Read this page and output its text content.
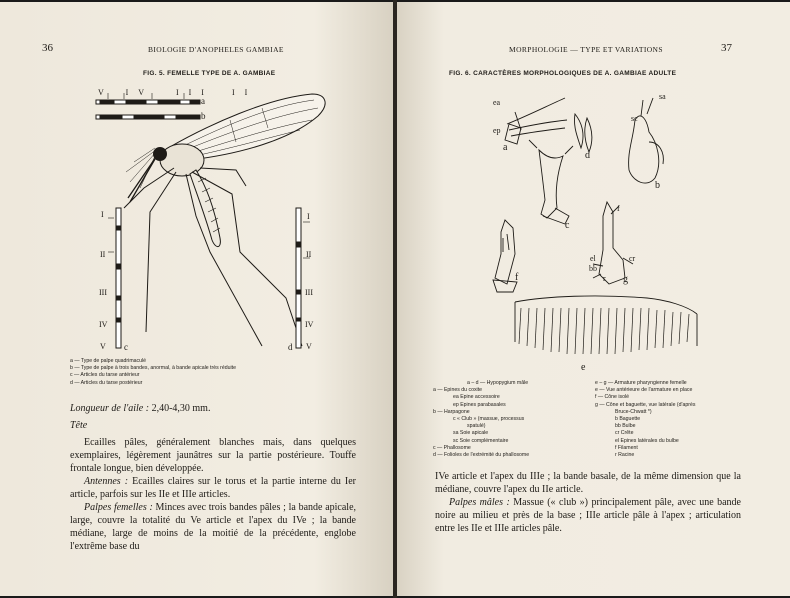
36	BIOLOGIE D'ANOPHELES GAMBIAE
FIG. 5. FEMELLE TYPE DE A. GAMBIAE
V IV	III II
a
b
c	d
I
II
III
IV
V
I
II
III
IV
V
a — Type de palpe quadrimaculé
b — Type de palpe à trois bandes, anormal, à bande apicale très réduite
c — Articles du tarse antérieur
d — Articles du tarse postérieur

Longueur de l'aile : 2,40-4,30 mm.

Tête

Ecailles pâles, généralement blanches mais, dans quelques exemplaires, légèrement jaunâtres sur la partie postérieure. Touffe frontale longue, bien développée.

Antennes : Ecailles claires sur le torus et la partie interne du Ier article, parfois sur les IIe et IIIe articles.

Palpes femelles : Minces avec trois bandes pâles ; la bande apicale, large, couvre la totalité du Ve article et l'apex du IVe ; la bande médiane, large de moins de la moitié de la précédente, englobe l'extrême base du

MORPHOLOGIE — TYPE ET VARIATIONS	37
FIG. 6. CARACTÈRES MORPHOLOGIQUES DE A. GAMBIAE ADULTE
ea
ep
a
d
sa
sc
b
c
f
el
bb
cr
r g
f
e
a – d — Hypopygium mâle
a — Epines du coxite
ea Epine accessoire
ep Epines parabasales
b — Harpagone
c « Club » (massue, processus
spatulé)
sa Soie apicale
sc Soie complémentaire
c — Phallosome
d — Folioles de l'extrémité du phallosome
e – g — Armature pharyngienne femelle
e — Vue antérieure de l'armature en place
f — Cône isolé
g — Cône et baguette, vue latérale (d'après
Bruce-Chwatt *)
b Baguette
bb Bulbe
cr Crête
el Epines latérales du bulbe
f Filament
r Racine

IVe article et l'apex du IIIe ; la bande basale, de la même dimension que la médiane, couvre l'apex du IIe article.

Palpes mâles : Massue (« club ») principalement pâle, avec une bande noire au milieu et près de la base ; IIIe article pâle à l'apex ; articulation entre les IIe et IIIe articles pâle.
